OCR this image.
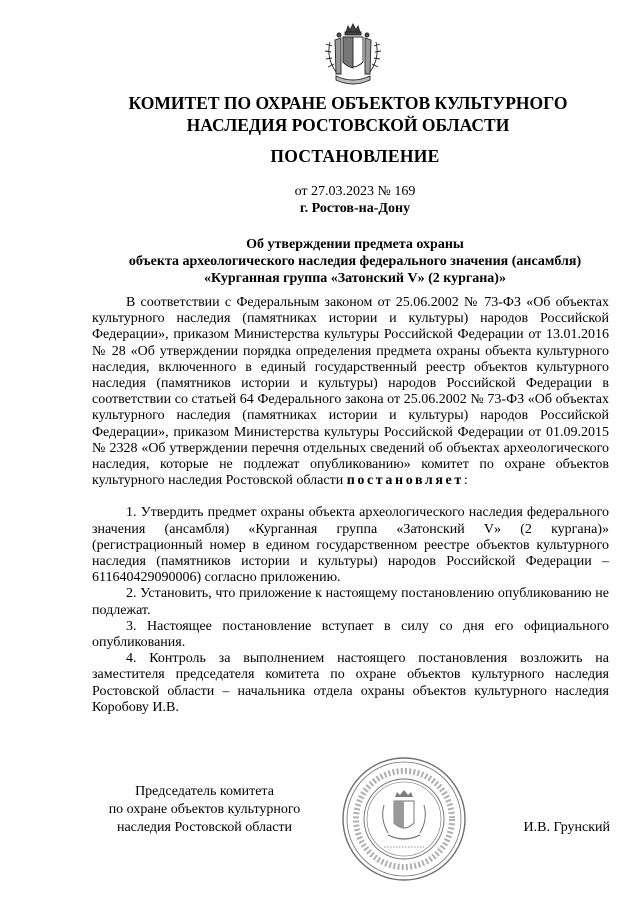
КОМИТЕТ ПО ОХРАНЕ ОБЪЕКТОВ КУЛЬТУРНОГО
НАСЛЕДИЯ РОСТОВСКОЙ ОБЛАСТИ
ПОСТАНОВЛЕНИЕ
от 27.03.2023 № 169
г. Ростов-на-Дону
Об утверждении предмета охраны
объекта археологического наследия федерального значения (ансамбля)
«Курганная группа «Затонский V» (2 кургана)»

В соответствии с Федеральным законом от 25.06.2002 № 73-ФЗ «Об объектах культурного наследия (памятниках истории и культуры) народов Российской Федерации», приказом Министерства культуры Российской Федерации от 13.01.2016 № 28 «Об утверждении порядка определения предмета охраны объекта культурного наследия, включенного в единый государственный реестр объектов культурного наследия (памятников истории и культуры) народов Российской Федерации в соответствии со статьей 64 Федерального закона от 25.06.2002 № 73-ФЗ «Об объектах культурного наследия (памятниках истории и культуры) народов Российской Федерации», приказом Министерства культуры Российской Федерации от 01.09.2015 № 2328 «Об утверждении перечня отдельных сведений об объектах археологического наследия, которые не подлежат опубликованию» комитет по охране объектов культурного наследия Ростовской области постановляет:

1. Утвердить предмет охраны объекта археологического наследия федерального значения (ансамбля) «Курганная группа «Затонский V» (2 кургана)» (регистрационный номер в едином государственном реестре объектов культурного наследия (памятников истории и культуры) народов Российской Федерации – 611640429090006) согласно приложению.

2. Установить, что приложение к настоящему постановлению опубликованию не подлежат.

3. Настоящее постановление вступает в силу со дня его официального опубликования.

4. Контроль за выполнением настоящего постановления возложить на заместителя председателя комитета по охране объектов культурного наследия Ростовской области – начальника отдела охраны объектов культурного наследия Коробову И.В.

Председатель комитета
по охране объектов культурного
наследия Ростовской области	И.В. Грунский
